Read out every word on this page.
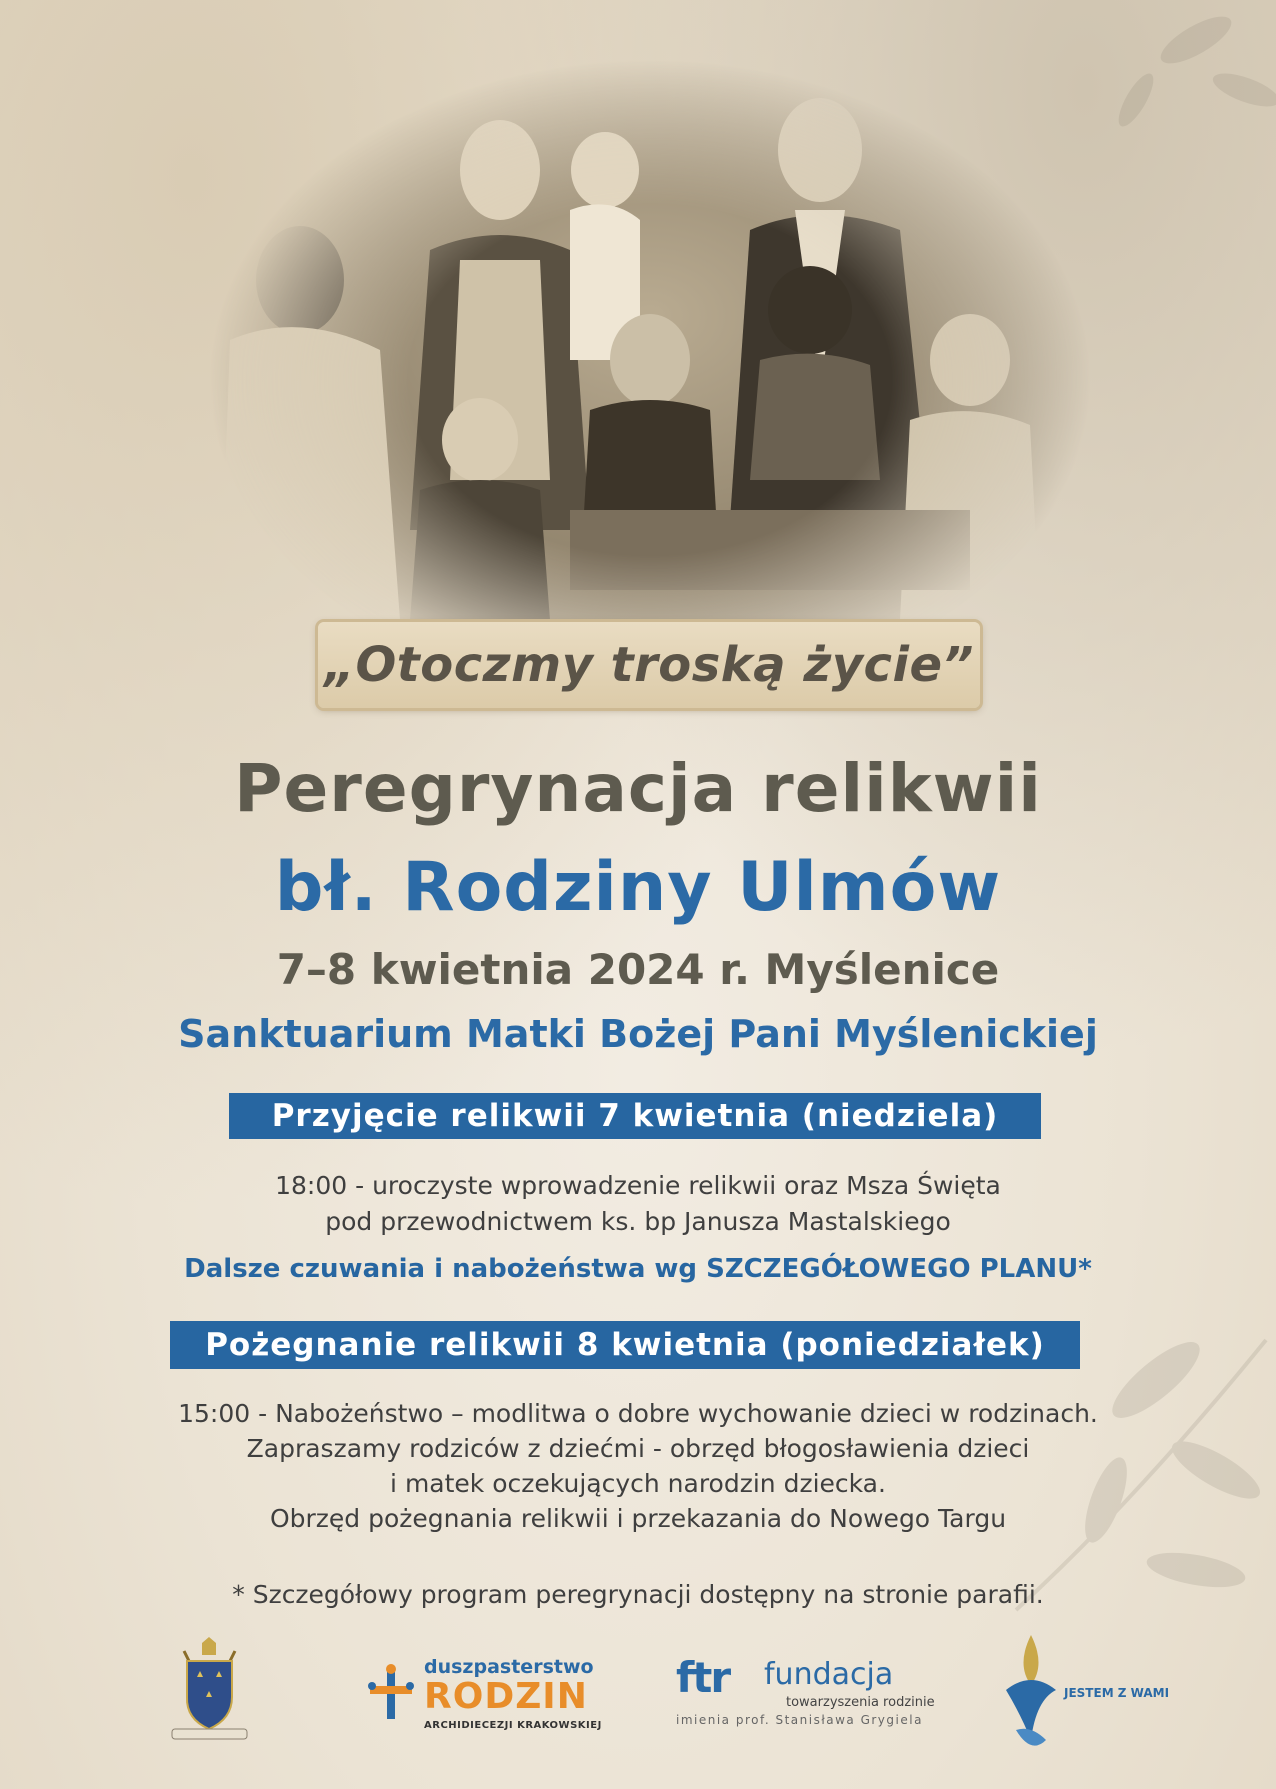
„Otoczmy troską życie”
Peregrynacja relikwii
bł. Rodziny Ulmów
7–8 kwietnia 2024 r. Myślenice
Sanktuarium Matki Bożej Pani Myślenickiej
Przyjęcie relikwii 7 kwietnia (niedziela)
18:00 - uroczyste wprowadzenie relikwii oraz Msza Święta
pod przewodnictwem ks. bp Janusza Mastalskiego
Dalsze czuwania i nabożeństwa wg SZCZEGÓŁOWEGO PLANU*
Pożegnanie relikwii 8 kwietnia (poniedziałek)
15:00 - Nabożeństwo – modlitwa o dobre wychowanie dzieci w rodzinach.
Zapraszamy rodziców z dziećmi - obrzęd błogosławienia dzieci
i matek oczekujących narodzin dziecka.
Obrzęd pożegnania relikwii i przekazania do Nowego Targu
* Szczegółowy program peregrynacji dostępny na stronie parafii.
duszpasterstwo
RODZIN
ARCHIDIECEZJI KRAKOWSKIEJ
ftr fundacja
towarzyszenia rodzinie
imienia prof. Stanisława Grygiela
JESTEM Z WAMI
